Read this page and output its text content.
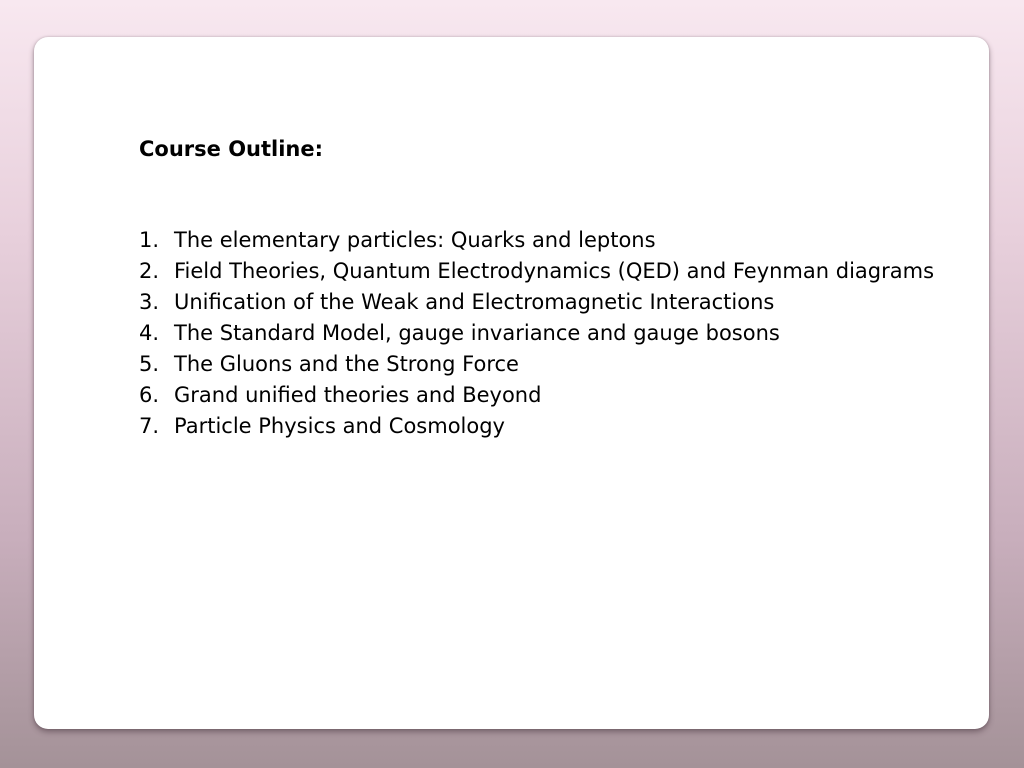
Course Outline:
1. The elementary particles: Quarks and leptons
2. Field Theories, Quantum Electrodynamics (QED) and Feynman diagrams
3. Unification of the Weak and Electromagnetic Interactions
4. The Standard Model, gauge invariance and gauge bosons
5. The Gluons and the Strong Force
6. Grand unified theories and Beyond
7. Particle Physics and Cosmology
